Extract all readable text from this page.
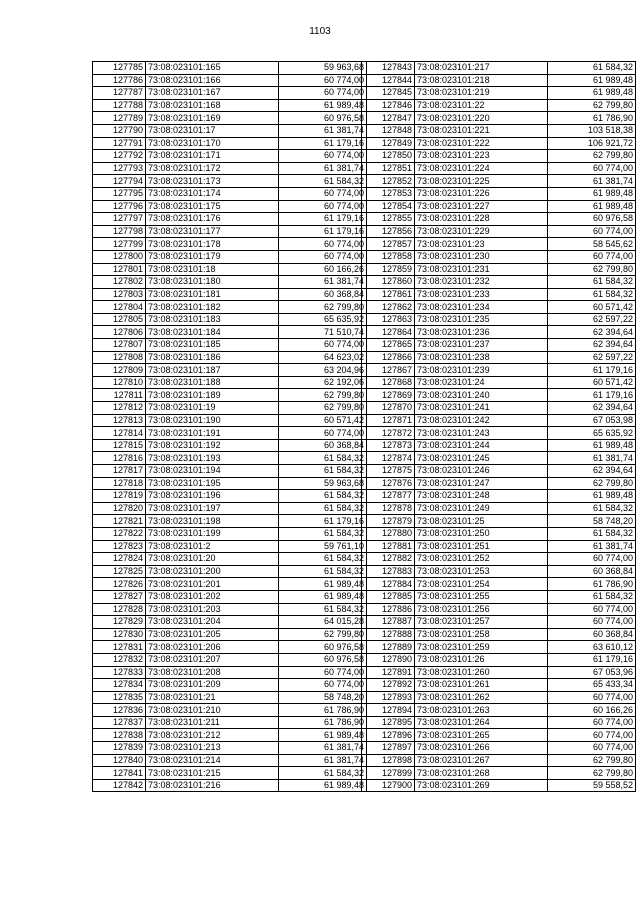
1103
127785	73:08:023101:165	59 963,68
127786	73:08:023101:166	60 774,00
127787	73:08:023101:167	60 774,00
127788	73:08:023101:168	61 989,48
127789	73:08:023101:169	60 976,58
127790	73:08:023101:17	61 381,74
127791	73:08:023101:170	61 179,16
127792	73:08:023101:171	60 774,00
127793	73:08:023101:172	61 381,74
127794	73:08:023101:173	61 584,32
127795	73:08:023101:174	60 774,00
127796	73:08:023101:175	60 774,00
127797	73:08:023101:176	61 179,16
127798	73:08:023101:177	61 179,16
127799	73:08:023101:178	60 774,00
127800	73:08:023101:179	60 774,00
127801	73:08:023101:18	60 166,26
127802	73:08:023101:180	61 381,74
127803	73:08:023101:181	60 368,84
127804	73:08:023101:182	62 799,80
127805	73:08:023101:183	65 635,92
127806	73:08:023101:184	71 510,74
127807	73:08:023101:185	60 774,00
127808	73:08:023101:186	64 623,02
127809	73:08:023101:187	63 204,96
127810	73:08:023101:188	62 192,06
127811	73:08:023101:189	62 799,80
127812	73:08:023101:19	62 799,80
127813	73:08:023101:190	60 571,42
127814	73:08:023101:191	60 774,00
127815	73:08:023101:192	60 368,84
127816	73:08:023101:193	61 584,32
127817	73:08:023101:194	61 584,32
127818	73:08:023101:195	59 963,68
127819	73:08:023101:196	61 584,32
127820	73:08:023101:197	61 584,32
127821	73:08:023101:198	61 179,16
127822	73:08:023101:199	61 584,32
127823	73:08:023101:2	59 761,10
127824	73:08:023101:20	61 584,32
127825	73:08:023101:200	61 584,32
127826	73:08:023101:201	61 989,48
127827	73:08:023101:202	61 989,48
127828	73:08:023101:203	61 584,32
127829	73:08:023101:204	64 015,28
127830	73:08:023101:205	62 799,80
127831	73:08:023101:206	60 976,58
127832	73:08:023101:207	60 976,58
127833	73:08:023101:208	60 774,00
127834	73:08:023101:209	60 774,00
127835	73:08:023101:21	58 748,20
127836	73:08:023101:210	61 786,90
127837	73:08:023101:211	61 786,90
127838	73:08:023101:212	61 989,48
127839	73:08:023101:213	61 381,74
127840	73:08:023101:214	61 381,74
127841	73:08:023101:215	61 584,32
127842	73:08:023101:216	61 989,48
127843	73:08:023101:217	61 584,32
127844	73:08:023101:218	61 989,48
127845	73:08:023101:219	61 989,48
127846	73:08:023101:22	62 799,80
127847	73:08:023101:220	61 786,90
127848	73:08:023101:221	103 518,38
127849	73:08:023101:222	106 921,72
127850	73:08:023101:223	62 799,80
127851	73:08:023101:224	60 774,00
127852	73:08:023101:225	61 381,74
127853	73:08:023101:226	61 989,48
127854	73:08:023101:227	61 989,48
127855	73:08:023101:228	60 976,58
127856	73:08:023101:229	60 774,00
127857	73:08:023101:23	58 545,62
127858	73:08:023101:230	60 774,00
127859	73:08:023101:231	62 799,80
127860	73:08:023101:232	61 584,32
127861	73:08:023101:233	61 584,32
127862	73:08:023101:234	60 571,42
127863	73:08:023101:235	62 597,22
127864	73:08:023101:236	62 394,64
127865	73:08:023101:237	62 394,64
127866	73:08:023101:238	62 597,22
127867	73:08:023101:239	61 179,16
127868	73:08:023101:24	60 571,42
127869	73:08:023101:240	61 179,16
127870	73:08:023101:241	62 394,64
127871	73:08:023101:242	67 053,98
127872	73:08:023101:243	65 635,92
127873	73:08:023101:244	61 989,48
127874	73:08:023101:245	61 381,74
127875	73:08:023101:246	62 394,64
127876	73:08:023101:247	62 799,80
127877	73:08:023101:248	61 989,48
127878	73:08:023101:249	61 584,32
127879	73:08:023101:25	58 748,20
127880	73:08:023101:250	61 584,32
127881	73:08:023101:251	61 381,74
127882	73:08:023101:252	60 774,00
127883	73:08:023101:253	60 368,84
127884	73:08:023101:254	61 786,90
127885	73:08:023101:255	61 584,32
127886	73:08:023101:256	60 774,00
127887	73:08:023101:257	60 774,00
127888	73:08:023101:258	60 368,84
127889	73:08:023101:259	63 610,12
127890	73:08:023101:26	61 179,16
127891	73:08:023101:260	67 053,96
127892	73:08:023101:261	65 433,34
127893	73:08:023101:262	60 774,00
127894	73:08:023101:263	60 166,26
127895	73:08:023101:264	60 774,00
127896	73:08:023101:265	60 774,00
127897	73:08:023101:266	60 774,00
127898	73:08:023101:267	62 799,80
127899	73:08:023101:268	62 799,80
127900	73:08:023101:269	59 558,52
